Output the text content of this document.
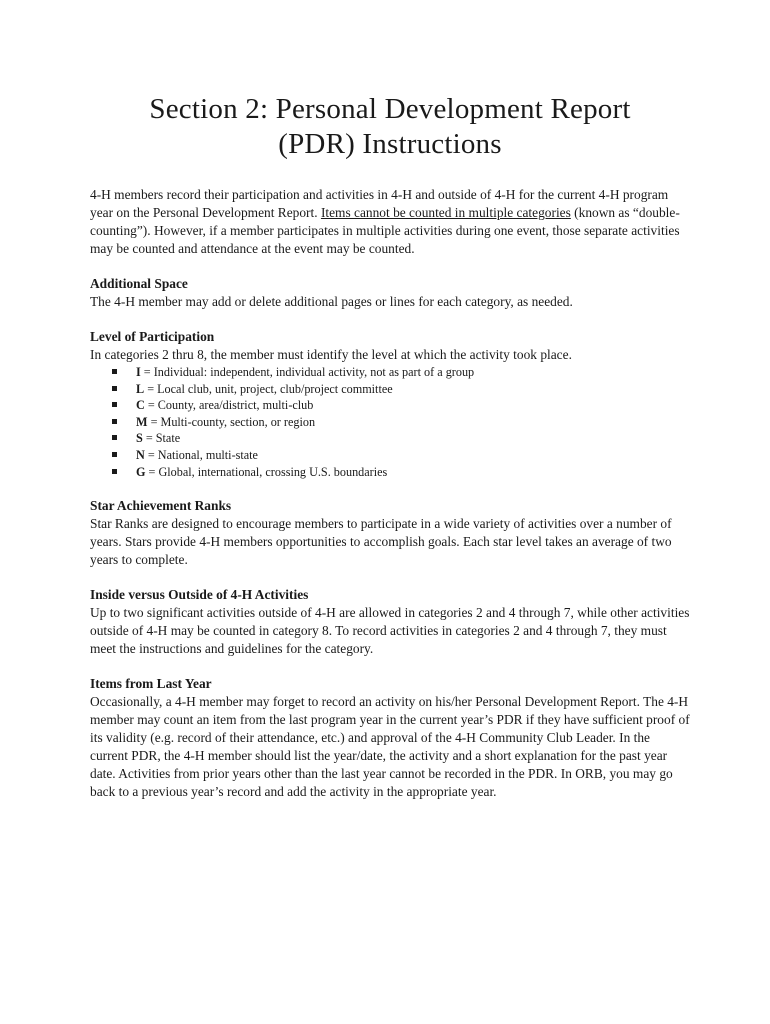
Section 2: Personal Development Report
(PDR) Instructions

4-H members record their participation and activities in 4-H and outside of 4-H for the current 4-H program year on the Personal Development Report. Items cannot be counted in multiple categories (known as “double-counting”). However, if a member participates in multiple activities during one event, those separate activities may be counted and attendance at the event may be counted.

Additional Space

The 4-H member may add or delete additional pages or lines for each category, as needed.

Level of Participation

In categories 2 thru 8, the member must identify the level at which the activity took place.

I = Individual: independent, individual activity, not as part of a group
L = Local club, unit, project, club/project committee
C = County, area/district, multi-club
M = Multi-county, section, or region
S = State
N = National, multi-state
G = Global, international, crossing U.S. boundaries

Star Achievement Ranks

Star Ranks are designed to encourage members to participate in a wide variety of activities over a number of years. Stars provide 4-H members opportunities to accomplish goals. Each star level takes an average of two years to complete.

Inside versus Outside of 4-H Activities

Up to two significant activities outside of 4-H are allowed in categories 2 and 4 through 7, while other activities outside of 4-H may be counted in category 8. To record activities in categories 2 and 4 through 7, they must meet the instructions and guidelines for the category.

Items from Last Year

Occasionally, a 4-H member may forget to record an activity on his/her Personal Development Report. The 4-H member may count an item from the last program year in the current year’s PDR if they have sufficient proof of its validity (e.g. record of their attendance, etc.) and approval of the 4-H Community Club Leader. In the current PDR, the 4-H member should list the year/date, the activity and a short explanation for the past year date. Activities from prior years other than the last year cannot be recorded in the PDR. In ORB, you may go back to a previous year’s record and add the activity in the appropriate year.
